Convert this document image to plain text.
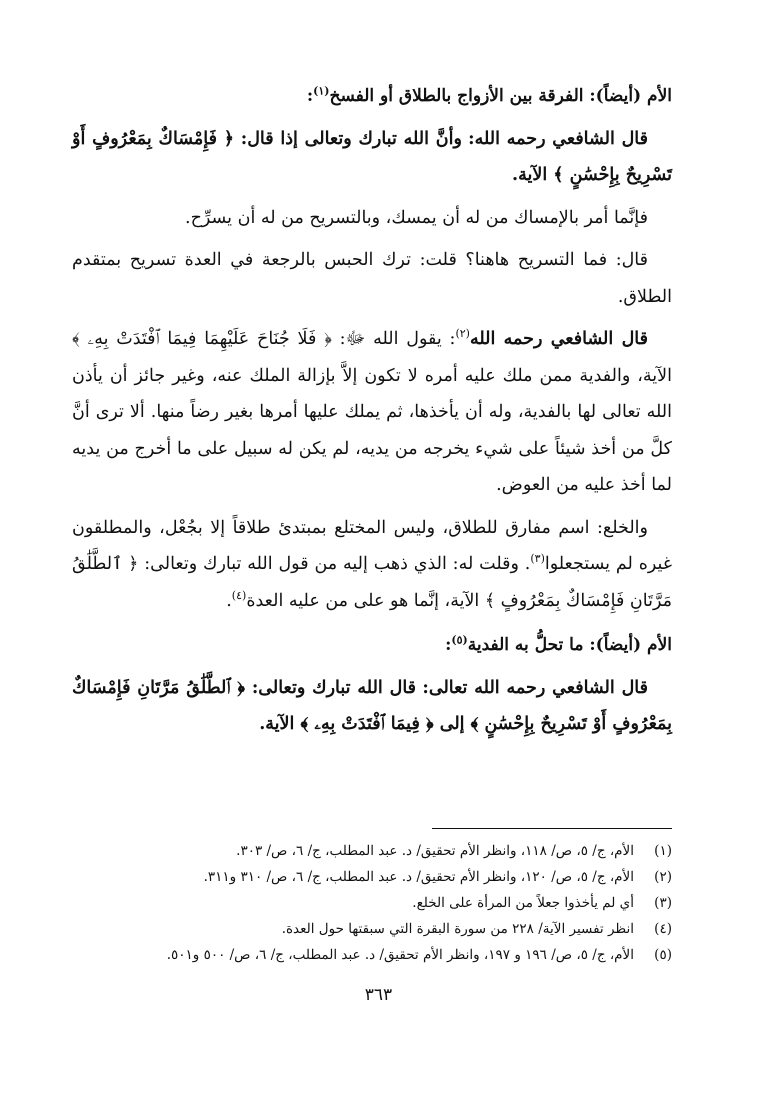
الأم (أيضاً): الفرقة بين الأزواج بالطلاق أو الفسخ$^{(١)}$:

قال الشافعي رحمه الله: وأنَّ الله تبارك وتعالى إذا قال: ﴿ فَإِمْسَاكٌ بِمَعْرُوفٍ أَوْ تَسْرِيحٌ بِإِحْسَٰنٍ ﴾ الآية.

فإنَّما أمر بالإمساك من له أن يمسك، وبالتسريح من له أن يسرِّح.

قال: فما التسريح هاهنا؟ قلت: ترك الحبس بالرجعة في العدة تسريح بمتقدم الطلاق.

قال الشافعي رحمه الله$^{(٢)}$: يقول الله ﷻ: ﴿ فَلَا جُنَاحَ عَلَيْهِمَا فِيمَا ٱفْتَدَتْ بِهِۦ ﴾ الآية، والفدية ممن ملك عليه أمره لا تكون إلاَّ بإزالة الملك عنه، وغير جائز أن يأذن الله تعالى لها بالفدية، وله أن يأخذها، ثم يملك عليها أمرها بغير رضاً منها. ألا ترى أنَّ كلَّ من أخذ شيئاً على شيء يخرجه من يديه، لم يكن له سبيل على ما أخرج من يديه لما أخذ عليه من العوض.

والخلع: اسم مفارق للطلاق، وليس المختلع بمبتدئ طلاقاً إلا بجُعْل، والمطلقون غيره لم يستجعلوا$^{(٣)}$. وقلت له: الذي ذهب إليه من قول الله تبارك وتعالى: ﴿ ٱلطَّلَٰقُ مَرَّتَانِ فَإِمْسَاكٌ بِمَعْرُوفٍ ﴾ الآية، إنَّما هو على من عليه العدة$^{(٤)}$.

الأم (أيضاً): ما تحلُّ به الفدية$^{(٥)}$:

قال الشافعي رحمه الله تعالى: قال الله تبارك وتعالى: ﴿ ٱلطَّلَٰقُ مَرَّتَانِ فَإِمْسَاكٌ بِمَعْرُوفٍ أَوْ تَسْرِيحٌ بِإِحْسَٰنٍ ﴾ إلى ﴿ فِيمَا ٱفْتَدَتْ بِهِۦ ﴾ الآية.

(١)
الأم، ج/ ٥، ص/ ١١٨، وانظر الأم تحقيق/ د. عبد المطلب، ج/ ٦، ص/ ٣٠٣.
(٢)
الأم، ج/ ٥، ص/ ١٢٠، وانظر الأم تحقيق/ د. عبد المطلب، ج/ ٦، ص/ ٣١٠ و٣١١.
(٣)
أي لم يأخذوا جعلاً من المرأة على الخلع.
(٤)
انظر تفسير الآية/ ٢٢٨ من سورة البقرة التي سبقتها حول العدة.
(٥)
الأم، ج/ ٥، ص/ ١٩٦ و ١٩٧، وانظر الأم تحقيق/ د. عبد المطلب، ج/ ٦، ص/ ٥٠٠ و٥٠١.
٣٦٣
